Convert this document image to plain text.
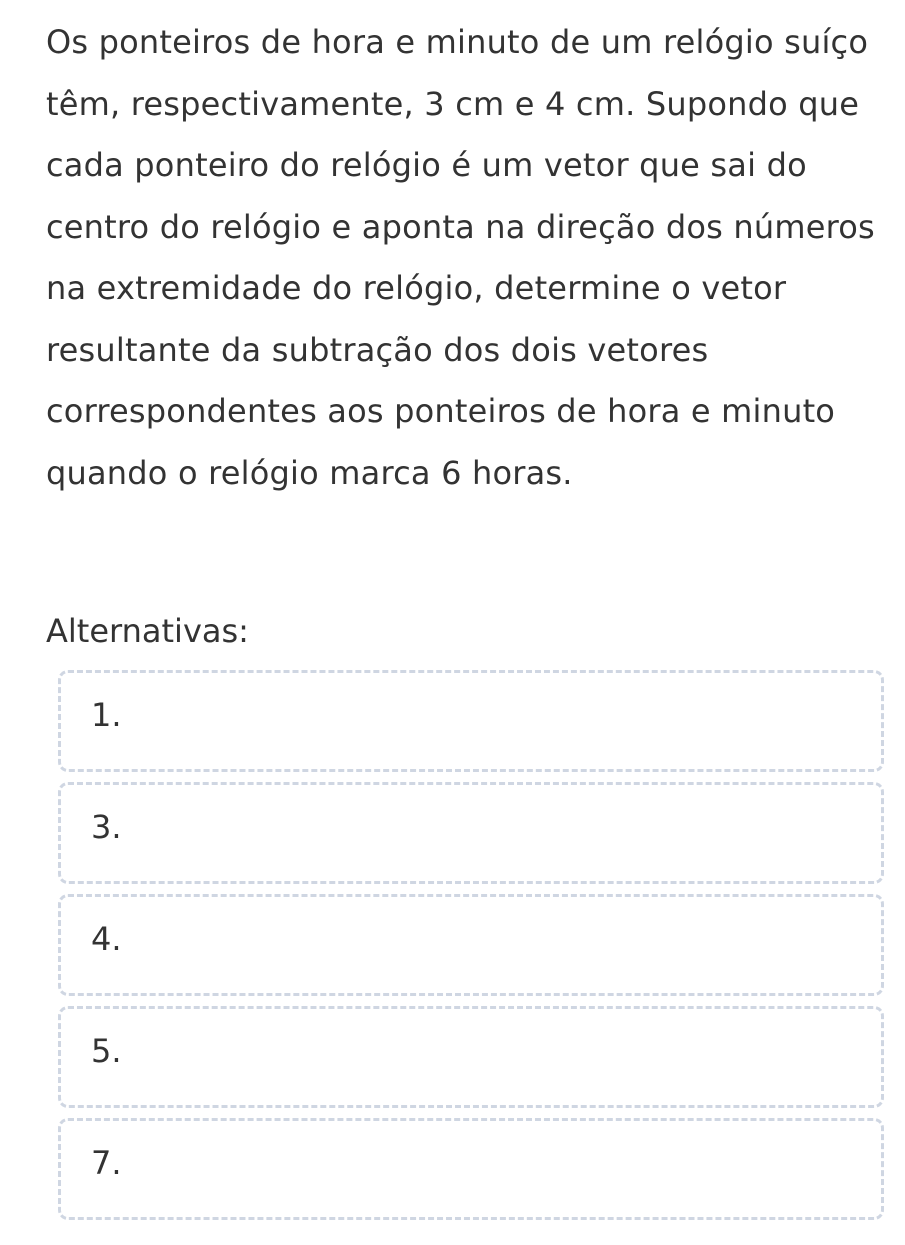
Os ponteiros de hora e minuto de um relógio suíço têm, respectivamente, 3 cm e 4 cm. Supondo que cada ponteiro do relógio é um vetor que sai do centro do relógio e aponta na direção dos números na extremidade do relógio, determine o vetor resultante da subtração dos dois vetores correspondentes aos ponteiros de hora e minuto quando o relógio marca 6 horas.

Alternativas:
1.
3.
4.
5.
7.
